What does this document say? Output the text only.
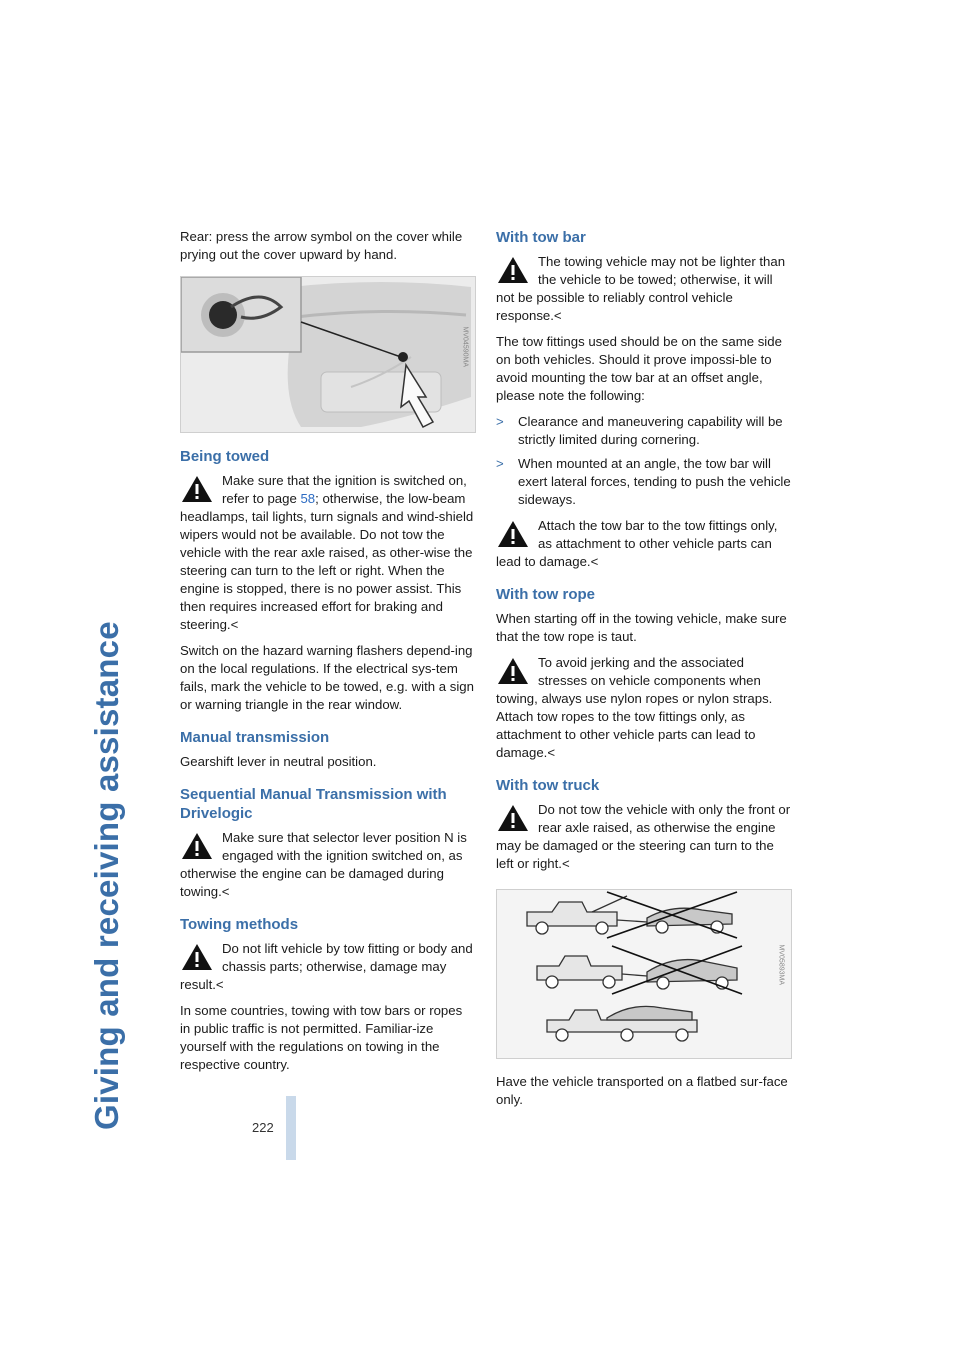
Giving and receiving assistance	222

Rear: press the arrow symbol on the cover while prying out the cover upward by hand.

MV04590MA
Being towed
Make sure that the ignition is switched on, refer to page 58; otherwise, the low-beam headlamps, tail lights, turn signals and wind-shield wipers would not be available. Do not tow the vehicle with the rear axle raised, as other-wise the steering can turn to the left or right. When the engine is stopped, there is no power assist. This then requires increased effort for braking and steering.<

Switch on the hazard warning flashers depend-ing on the local regulations. If the electrical sys-tem fails, mark the vehicle to be towed, e.g. with a sign or warning triangle in the rear window.

Manual transmission

Gearshift lever in neutral position.

Sequential Manual Transmission with Drivelogic
Make sure that selector lever position N is engaged with the ignition switched on, as otherwise the engine can be damaged during towing.<
Towing methods
Do not lift vehicle by tow fitting or body and chassis parts; otherwise, damage may result.<

In some countries, towing with tow bars or ropes in public traffic is not permitted. Familiar-ize yourself with the regulations on towing in the respective country.

With tow bar
The towing vehicle may not be lighter than the vehicle to be towed; otherwise, it will not be possible to reliably control vehicle response.<

The tow fittings used should be on the same side on both vehicles. Should it prove impossi-ble to avoid mounting the tow bar at an offset angle, please note the following:

> Clearance and maneuvering capability will be strictly limited during cornering.
> When mounted at an angle, the tow bar will exert lateral forces, tending to push the vehicle sideways.
Attach the tow bar to the tow fittings only, as attachment to other vehicle parts can lead to damage.<
With tow rope

When starting off in the towing vehicle, make sure that the tow rope is taut.

To avoid jerking and the associated stresses on vehicle components when towing, always use nylon ropes or nylon straps. Attach tow ropes to the tow fittings only, as attachment to other vehicle parts can lead to damage.<
With tow truck
Do not tow the vehicle with only the front or rear axle raised, as otherwise the engine may be damaged or the steering can turn to the left or right.<
MV05893MA

Have the vehicle transported on a flatbed sur-face only.
